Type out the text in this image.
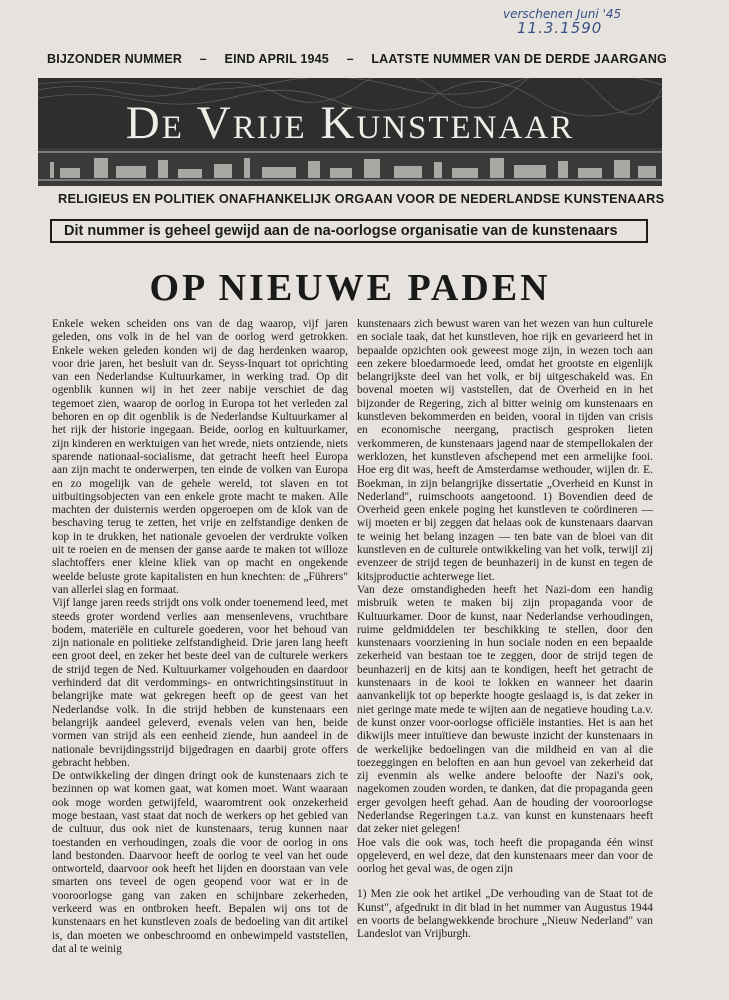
verschenen Juni '45
11.3.1590
BIJZONDER NUMMER – EIND APRIL 1945 – LAATSTE NUMMER VAN DE DERDE JAARGANG
De Vrije Kunstenaar
RELIGIEUS EN POLITIEK ONAFHANKELIJK ORGAAN VOOR DE NEDERLANDSE KUNSTENAARS
Dit nummer is geheel gewijd aan de na-oorlogse organisatie van de kunstenaars
OP NIEUWE PADEN

Enkele weken scheiden ons van de dag waarop, vijf jaren geleden, ons volk in de hel van de oorlog werd getrokken. Enkele weken geleden konden wij de dag herdenken waarop, voor drie jaren, het besluit van dr. Seyss-Inquart tot oprichting van een Nederlandse Kultuurkamer, in werking trad. Op dit ogenblik kunnen wij in het zeer nabije verschiet de dag tegemoet zien, waarop de oorlog in Europa tot het verleden zal behoren en op dit ogenblik is de Nederlandse Kultuurkamer al het rijk der historie ingegaan. Beide, oorlog en kultuurkamer, zijn kinderen en werktuigen van het wrede, niets ontziende, niets sparende nationaal-socialisme, dat getracht heeft heel Europa aan zijn macht te onderwerpen, ten einde de volken van Europa en zo mogelijk van de gehele wereld, tot slaven en tot uitbuitingsobjecten van een enkele grote macht te maken. Alle machten der duisternis werden opgeroepen om de klok van de beschaving terug te zetten, het vrije en zelfstandige denken de kop in te drukken, het nationale gevoelen der verdrukte volken uit te roeien en de mensen der ganse aarde te maken tot willoze slachtoffers ener kleine kliek van op macht en ongekende weelde beluste grote kapitalisten en hun knechten: de „Führers" van allerlei slag en formaat.

Vijf lange jaren reeds strijdt ons volk onder toenemend leed, met steeds groter wordend verlies aan mensenlevens, vruchtbare bodem, materiële en culturele goederen, voor het behoud van zijn nationale en politieke zelfstandigheid. Drie jaren lang heeft een groot deel, en zeker het beste deel van de culturele werkers de strijd tegen de Ned. Kultuurkamer volgehouden en daardoor verhinderd dat dit verdommings- en ontwrichtingsinstituut in belangrijke mate wat gekregen heeft op de geest van het Nederlandse volk. In die strijd hebben de kunstenaars een belangrijk aandeel geleverd, evenals velen van hen, beide vormen van strijd als een eenheid ziende, hun aandeel in de nationale bevrijdingsstrijd bijgedragen en daarbij grote offers gebracht hebben.

De ontwikkeling der dingen dringt ook de kunstenaars zich te bezinnen op wat komen gaat, wat komen moet. Want waaraan ook moge worden getwijfeld, waaromtrent ook onzekerheid moge bestaan, vast staat dat noch de werkers op het gebied van de cultuur, dus ook niet de kunstenaars, terug kunnen naar toestanden en verhoudingen, zoals die voor de oorlog in ons land bestonden. Daarvoor heeft de oorlog te veel van het oude ontworteld, daarvoor ook heeft het lijden en doorstaan van vele smarten ons teveel de ogen geopend voor wat er in de vooroorlogse gang van zaken en schijnbare zekerheden, verkeerd was en ontbroken heeft. Bepalen wij ons tot de kunstenaars en het kunstleven zoals de bedoeling van dit artikel is, dan moeten we onbeschroomd en onbewimpeld vaststellen, dat al te weinig

kunstenaars zich bewust waren van het wezen van hun culturele en sociale taak, dat het kunstleven, hoe rijk en gevarieerd het in bepaalde opzichten ook geweest moge zijn, in wezen toch aan een zekere bloedarmoede leed, omdat het grootste en eigenlijk belangrijkste deel van het volk, er bij uitgeschakeld was. En bovenal moeten wij vaststellen, dat de Overheid en in het bijzonder de Regering, zich al bitter weinig om kunstenaars en kunstleven bekommerden en beiden, vooral in tijden van crisis en economische neergang, practisch gesproken lieten verkommeren, de kunstenaars jagend naar de stempellokalen der werklozen, het kunstleven afschepend met een armelijke fooi. Hoe erg dit was, heeft de Amsterdamse wethouder, wijlen dr. E. Boekman, in zijn belangrijke dissertatie „Overheid en Kunst in Nederland", ruimschoots aangetoond. 1) Bovendien deed de Overheid geen enkele poging het kunstleven te coördineren — wij moeten er bij zeggen dat helaas ook de kunstenaars daarvan te weinig het belang inzagen — ten bate van de bloei van dit kunstleven en de culturele ontwikkeling van het volk, terwijl zij evenzeer de strijd tegen de beunhazerij in de kunst en tegen de kitsjproductie achterwege liet.

Van deze omstandigheden heeft het Nazi-dom een handig misbruik weten te maken bij zijn propaganda voor de Kultuurkamer. Door de kunst, naar Nederlandse verhoudingen, ruime geldmiddelen ter beschikking te stellen, door den kunstenaars voorziening in hun sociale noden en een bepaalde zekerheid van bestaan toe te zeggen, door de strijd tegen de beunhazerij en de kitsj aan te kondigen, heeft het getracht de kunstenaars in de kooi te lokken en wanneer het daarin aanvankelijk tot op beperkte hoogte geslaagd is, is dat zeker in niet geringe mate mede te wijten aan de negatieve houding t.a.v. de kunst onzer voor-oorlogse officiële instanties. Het is aan het dikwijls meer intuïtieve dan bewuste inzicht der kunstenaars in de werkelijke bedoelingen van die mildheid en van al die toezeggingen en beloften en aan hun gevoel van zekerheid dat zij evenmin als welke andere beloofte der Nazi's ook, nagekomen zouden worden, te danken, dat die propaganda geen erger gevolgen heeft gehad. Aan de houding der vooroorlogse Nederlandse Regeringen t.a.z. van kunst en kunstenaars heeft dat zeker niet gelegen!

Hoe vals die ook was, toch heeft die propaganda één winst opgeleverd, en wel deze, dat den kunstenaars meer dan voor de oorlog het geval was, de ogen zijn

1) Men zie ook het artikel „De verhouding van de Staat tot de Kunst", afgedrukt in dit blad in het nummer van Augustus 1944 en voorts de belangwekkende brochure „Nieuw Nederland" van Landeslot van Vrijburgh.
